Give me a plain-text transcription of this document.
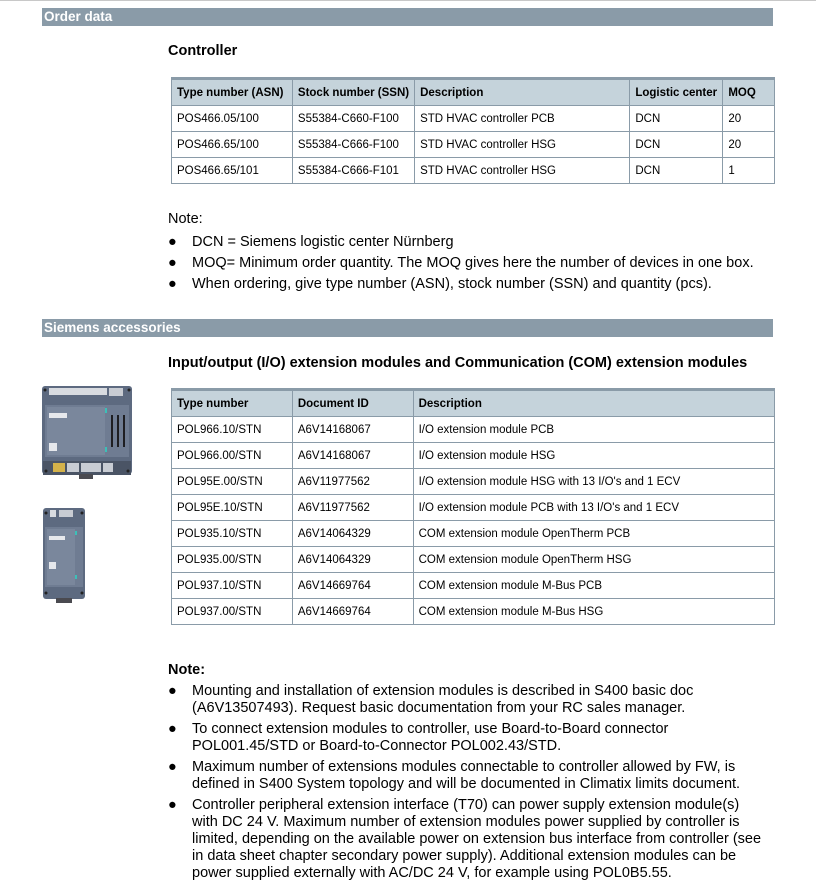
Order data
Controller
Type number (ASN)	Stock number (SSN)	Description	Logistic center	MOQ
POS466.05/100	S55384-C660-F100	STD HVAC controller PCB	DCN	20
POS466.65/100	S55384-C666-F100	STD HVAC controller HSG	DCN	20
POS466.65/101	S55384-C666-F101	STD HVAC controller HSG	DCN	1
Note:
● DCN = Siemens logistic center Nürnberg
● MOQ= Minimum order quantity. The MOQ gives here the number of devices in one box.
● When ordering, give type number (ASN), stock number (SSN) and quantity (pcs).
Siemens accessories
Input/output (I/O) extension modules and Communication (COM) extension modules
Type number	Document ID	Description
POL966.10/STN	A6V14168067	I/O extension module PCB
POL966.00/STN	A6V14168067	I/O extension module HSG
POL95E.00/STN	A6V11977562	I/O extension module HSG with 13 I/O's and 1 ECV
POL95E.10/STN	A6V11977562	I/O extension module PCB with 13 I/O's and 1 ECV
POL935.10/STN	A6V14064329	COM extension module OpenTherm PCB
POL935.00/STN	A6V14064329	COM extension module OpenTherm HSG
POL937.10/STN	A6V14669764	COM extension module M-Bus PCB
POL937.00/STN	A6V14669764	COM extension module M-Bus HSG
Note:
● Mounting and installation of extension modules is described in S400 basic doc (A6V13507493). Request basic documentation from your RC sales manager.
● To connect extension modules to controller, use Board-to-Board connector POL001.45/STD or Board-to-Connector POL002.43/STD.
● Maximum number of extensions modules connectable to controller allowed by FW, is defined in S400 System topology and will be documented in Climatix limits document.
● Controller peripheral extension interface (T70) can power supply extension module(s) with DC 24 V. Maximum number of extension modules power supplied by controller is limited, depending on the available power on extension bus interface from controller (see in data sheet chapter secondary power supply). Additional extension modules can be power supplied externally with AC/DC 24 V, for example using POL0B5.55.
